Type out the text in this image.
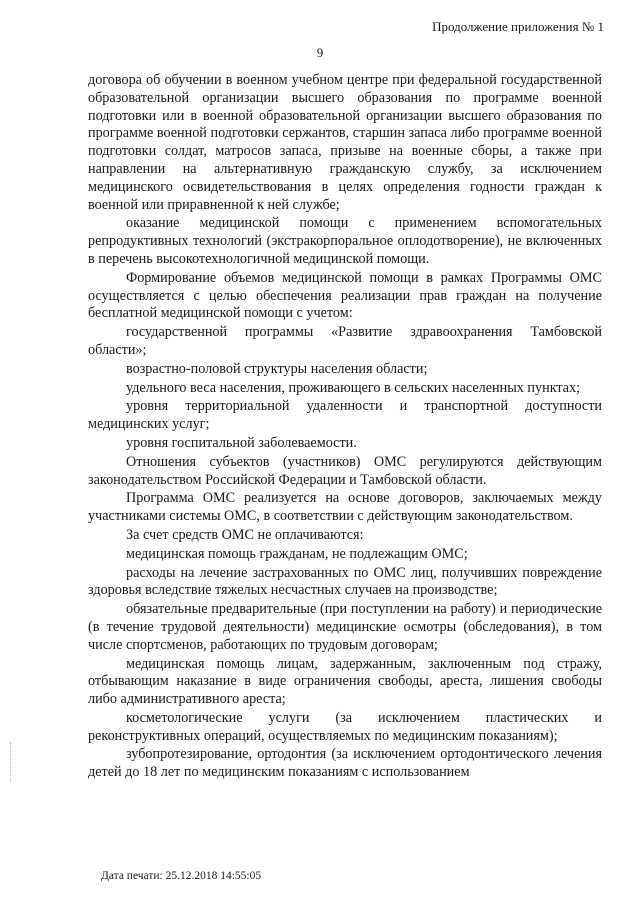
Продолжение приложения № 1
9

договора об обучении в военном учебном центре при федеральной государственной образовательной организации высшего образования по программе военной подготовки или в военной образовательной организации высшего образования по программе военной подготовки сержантов, старшин запаса либо программе военной подготовки солдат, матросов запаса, призыве на военные сборы, а также при направлении на альтернативную гражданскую службу, за исключением медицинского освидетельствования в целях определения годности граждан к военной или приравненной к ней службе;

оказание медицинской помощи с применением вспомогательных репродуктивных технологий (экстракорпоральное оплодотворение), не включенных в перечень высокотехнологичной медицинской помощи.

Формирование объемов медицинской помощи в рамках Программы ОМС осуществляется с целью обеспечения реализации прав граждан на получение бесплатной медицинской помощи с учетом:

государственной программы «Развитие здравоохранения Тамбовской области»;

возрастно-половой структуры населения области;

удельного веса населения, проживающего в сельских населенных пунктах;

уровня территориальной удаленности и транспортной доступности медицинских услуг;

уровня госпитальной заболеваемости.

Отношения субъектов (участников) ОМС регулируются действующим законодательством Российской Федерации и Тамбовской области.

Программа ОМС реализуется на основе договоров, заключаемых между участниками системы ОМС, в соответствии с действующим законодательством.

За счет средств ОМС не оплачиваются:

медицинская помощь гражданам, не подлежащим ОМС;

расходы на лечение застрахованных по ОМС лиц, получивших повреждение здоровья вследствие тяжелых несчастных случаев на производстве;

обязательные предварительные (при поступлении на работу) и периодические (в течение трудовой деятельности) медицинские осмотры (обследования), в том числе спортсменов, работающих по трудовым договорам;

медицинская помощь лицам, задержанным, заключенным под стражу, отбывающим наказание в виде ограничения свободы, ареста, лишения свободы либо административного ареста;

косметологические услуги (за исключением пластических и реконструктивных операций, осуществляемых по медицинским показаниям);

зубопротезирование, ортодонтия (за исключением ортодонтического лечения детей до 18 лет по медицинским показаниям с использованием

Дата печати: 25.12.2018 14:55:05
